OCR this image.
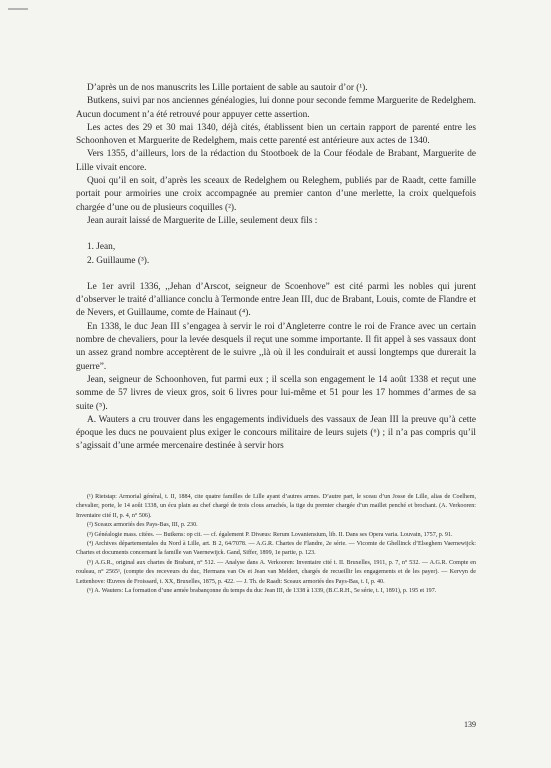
D’après un de nos manuscrits les Lille portaient de sable au sautoir d’or (¹).

Butkens, suivi par nos anciennes généalogies, lui donne pour seconde femme Marguerite de Redelghem. Aucun document n’a été retrouvé pour appuyer cette assertion.

Les actes des 29 et 30 mai 1340, déjà cités, établissent bien un certain rapport de parenté entre les Schoonhoven et Marguerite de Redelghem, mais cette parenté est antérieure aux actes de 1340.

Vers 1355, d’ailleurs, lors de la rédaction du Stootboek de la Cour féodale de Brabant, Marguerite de Lille vivait encore.

Quoi qu’il en soit, d’après les sceaux de Redelghem ou Releghem, publiés par de Raadt, cette famille portait pour armoiries une croix accompagnée au premier canton d’une merlette, la croix quelquefois chargée d’une ou de plusieurs coquilles (²).

Jean aurait laissé de Marguerite de Lille, seulement deux fils :

1. Jean,

2. Guillaume (³).

Le 1er avril 1336, ,,Jehan d’Arscot, seigneur de Scoenhove” est cité parmi les nobles qui jurent d’observer le traité d’alliance conclu à Termonde entre Jean III, duc de Brabant, Louis, comte de Flandre et de Nevers, et Guillaume, comte de Hainaut (⁴).

En 1338, le duc Jean III s’engagea à servir le roi d’Angleterre contre le roi de France avec un certain nombre de chevaliers, pour la levée desquels il reçut une somme importante. Il fit appel à ses vassaux dont un assez grand nombre acceptèrent de le suivre ,,là où il les conduirait et aussi longtemps que durerait la guerre”.

Jean, seigneur de Schoonhoven, fut parmi eux ; il scella son engagement le 14 août 1338 et reçut une somme de 57 livres de vieux gros, soit 6 livres pour lui-même et 51 pour les 17 hommes d’armes de sa suite (⁵).

A. Wauters a cru trouver dans les engagements individuels des vassaux de Jean III la preuve qu’à cette époque les ducs ne pouvaient plus exiger le concours militaire de leurs sujets (⁶) ; il n’a pas compris qu’il s’agissait d’une armée mercenaire destinée à servir hors

(¹) Rietstap: Armorial général, t. II, 1884, cite quatre familles de Lille ayant d’autres armes. D’autre part, le sceau d’un Josse de Lille, alias de Coelhem, chevalier, porte, le 14 août 1338, un écu plain au chef chargé de trois clous arrachés, la tige du premier chargée d’un maillet penché et brochant. (A. Verkooren: Inventaire cité II, p. 4, n° 506).

(²) Sceaux armoriés des Pays-Bas, III, p. 230.

(³) Généalogie mass. citées. — Butkens: op cit. — cf. également P. Divæus: Rerum Lovaniensium, lib. II. Dans ses Opera varia. Louvain, 1757, p. 91.

(⁴) Archives départementales du Nord à Lille, art. B 2, 64/7078. — A.G.R. Chartes de Flandre, 2e série. — Vicomte de Ghellinck d’Elseghem Vaernewijck: Chartes et documents concernant la famille van Vaernewijck. Gand, Siffer, 1899, 1e partie, p. 123.

(⁵) A.G.R., original aux chartes de Brabant, n° 512. — Analyse dans A. Verkooren: Inventaire cité t. II. Bruxelles, 1911, p. 7, n° 532. — A.G.R. Compte en rouleau, n° 2565¹, (compte des receveurs du duc, Hermans van Os et Jean van Meldert, chargés de recueillir les engagements et de les payer). — Kervyn de Lettenhove: Œuvres de Froissard, t. XX, Bruxelles, 1875, p. 422. — J. Th. de Raadt: Sceaux armoriés des Pays-Bas, t. I, p. 40.

(⁶) A. Wauters: La formation d’une armée brabançonne du temps du duc Jean III, de 1338 à 1339, (B.C.R.H., 5e série, t. I, 1891), p. 195 et 197.

139
